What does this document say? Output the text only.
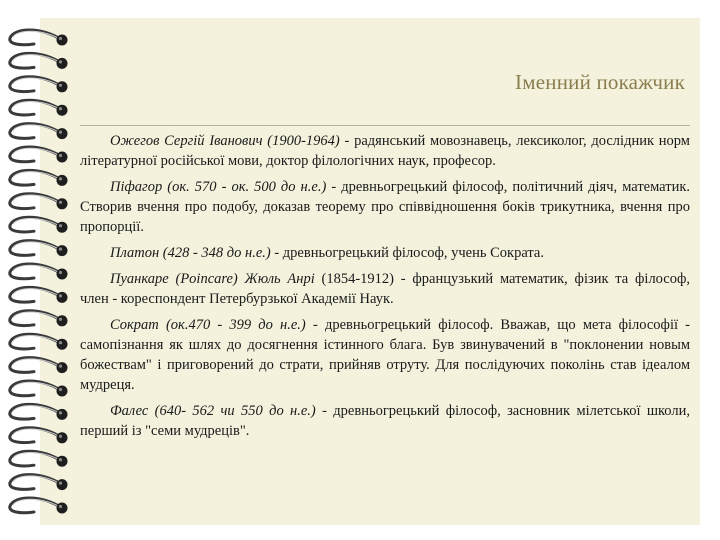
Іменний покажчик

Ожегов Сергій Іванович (1900-1964) - радянський мовознавець, лексиколог, дослідник норм літературної російської мови, доктор філологічних наук, професор.

Піфагор (ок. 570 - ок. 500 до н.е.) - древньогрецький філософ, політичний діяч, математик. Створив вчення про подобу, доказав теорему про співвідношення боків трикутника, вчення про пропорції.

Платон (428 - 348 до н.е.) - древньогрецький філософ, учень Сократа.

Пуанкаре (Poincare) Жюль Анрі (1854-1912) - французький математик, фізик та філософ, член - кореспондент Петербурзької Академії Наук.

Сократ (ок.470 - 399 до н.е.) - древньогрецький філософ. Вважав, що мета філософії - самопізнання як шлях до досягнення істинного блага. Був звинувачений в "поклонении новым божествам" і приговорений до страти, прийняв отруту. Для послідуючих поколінь став ідеалом мудреця.

Фалес (640- 562 чи 550 до н.е.) - древньогрецький філософ, засновник мілетської школи, перший із "семи мудреців".
